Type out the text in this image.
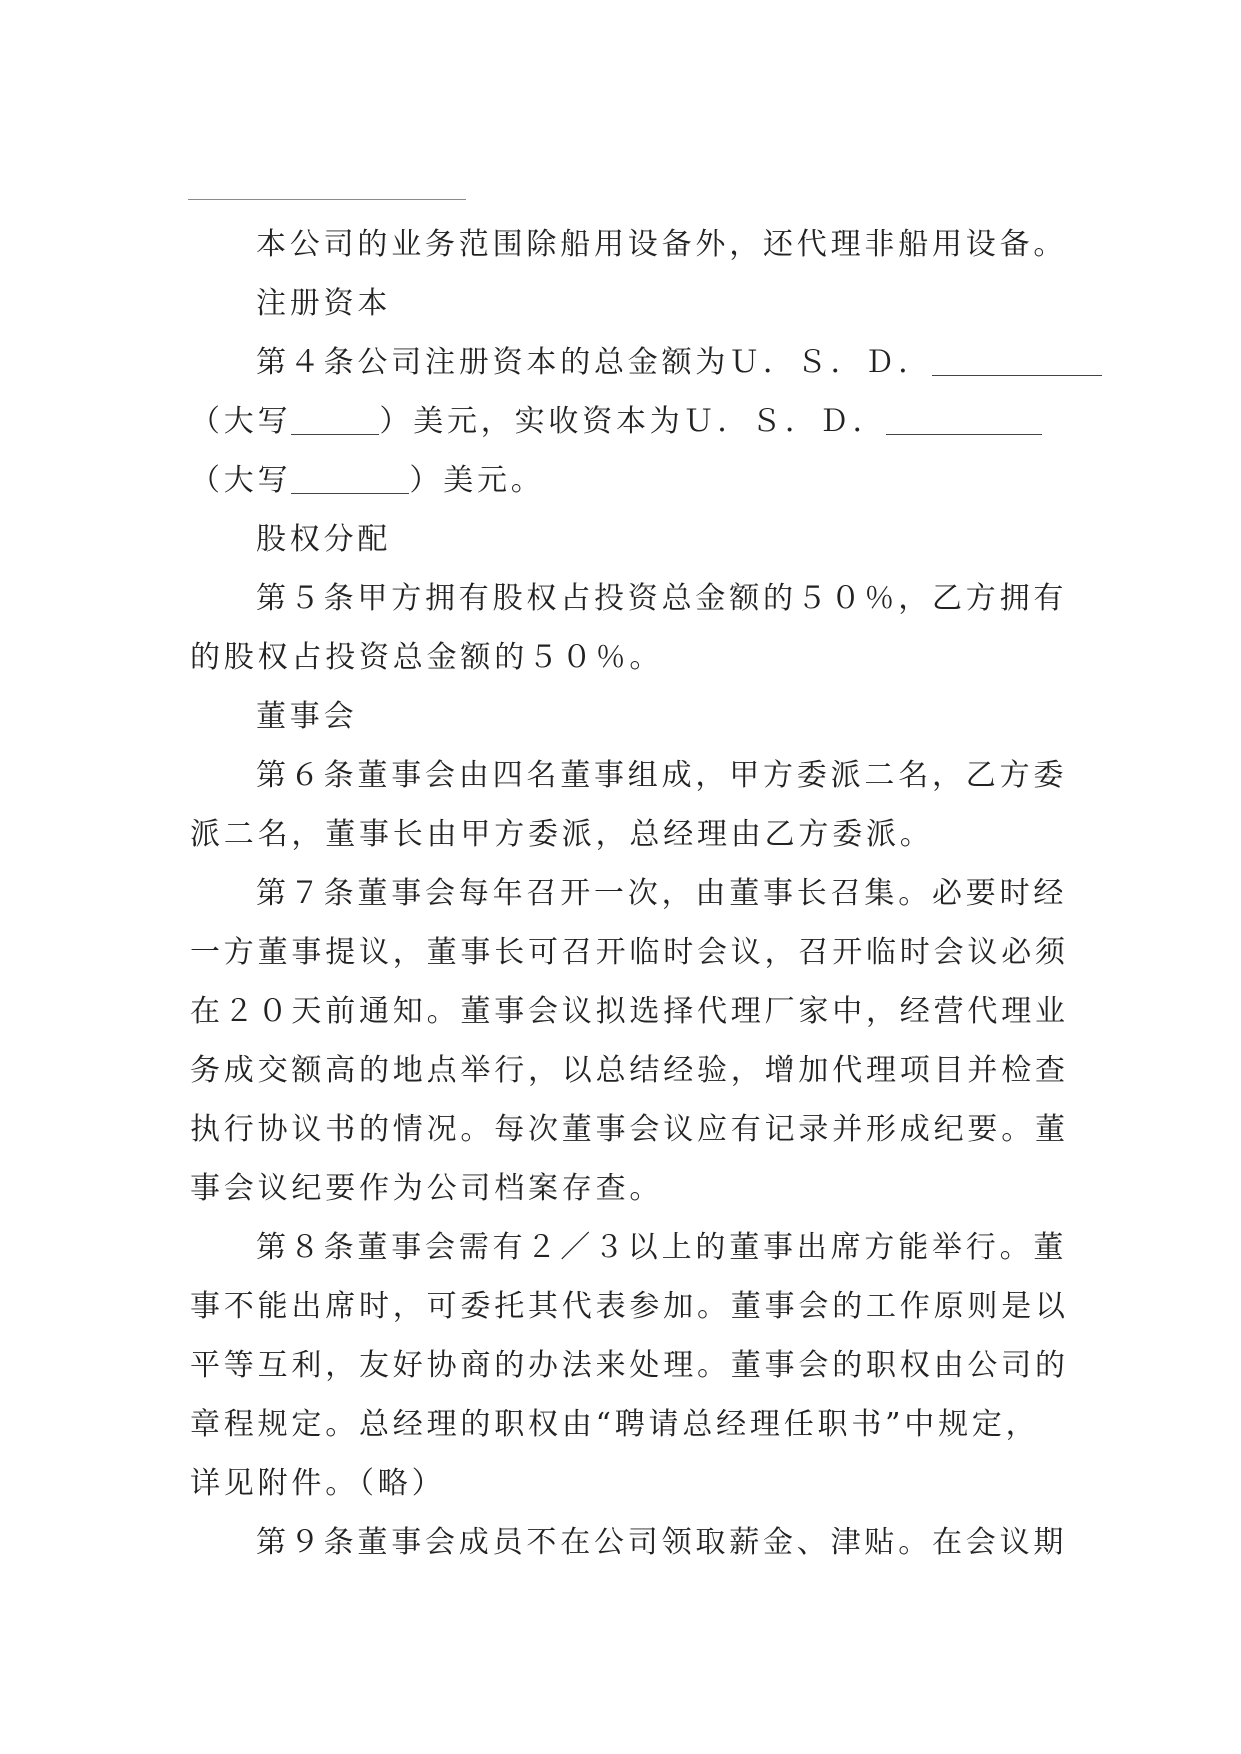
本公司的业务范围除船用设备外，还代理非船用设备。
注册资本
第４条公司注册资本的总金额为Ｕ．Ｓ．Ｄ．
（大写	）美元，实收资本为Ｕ．Ｓ．Ｄ．
（大写	）美元。
股权分配
第５条甲方拥有股权占投资总金额的５０％，乙方拥有
的股权占投资总金额的５０％。
董事会
第６条董事会由四名董事组成，甲方委派二名，乙方委
派二名，董事长由甲方委派，总经理由乙方委派。
第７条董事会每年召开一次，由董事长召集。必要时经
一方董事提议，董事长可召开临时会议，召开临时会议必须
在２０天前通知。董事会议拟选择代理厂家中，经营代理业
务成交额高的地点举行，以总结经验，增加代理项目并检查
执行协议书的情况。每次董事会议应有记录并形成纪要。董
事会议纪要作为公司档案存查。
第８条董事会需有２／３以上的董事出席方能举行。董
事不能出席时，可委托其代表参加。董事会的工作原则是以
平等互利，友好协商的办法来处理。董事会的职权由公司的
章程规定。总经理的职权由“聘请总经理任职书”中规定，
详见附件。（略）
第９条董事会成员不在公司领取薪金、津贴。在会议期
